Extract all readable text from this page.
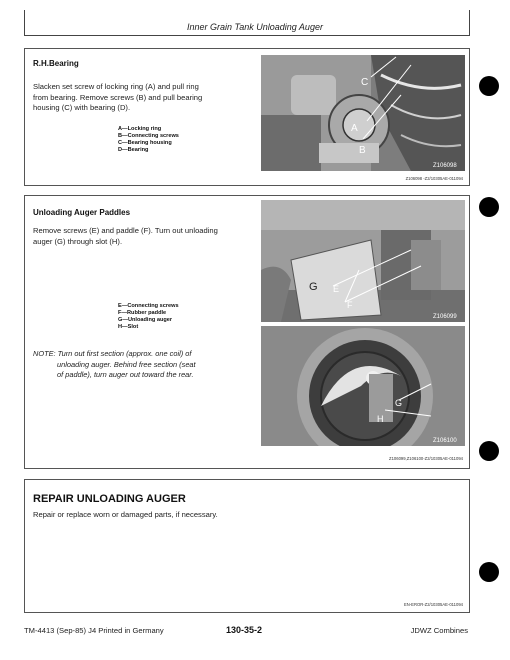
Inner Grain Tank Unloading Auger
R.H.Bearing
Slacken set screw of locking ring (A) and pull ring
from bearing. Remove screws (B) and pull bearing
housing (C) with bearing (D).
A—Locking ring
B—Connecting screws
C—Bearing housing
D—Bearing
C
A
B
Z106098
Z106098 -Z2/10305AE-011094
Unloading Auger Paddles
Remove screws (E) and paddle (F). Turn out unloading
auger (G) through slot (H).
E—Connecting screws
F—Rubber paddle
G—Unloading auger
H—Slot
NOTE: Turn out first section (approx. one coil) of
unloading auger. Behind free section (seat
of paddle), turn auger out toward the rear.
G E
F
Z106099
G
H
Z106100
Z106099,Z106100-Z2/10305AE-011094
REPAIR UNLOADING AUGER
Repair or replace worn or damaged parts, if necessary.
EN-EROR-Z2/10305AE-011094
TM-4413 (Sep-85) J4 Printed in Germany	130-35-2	JDWZ Combines
